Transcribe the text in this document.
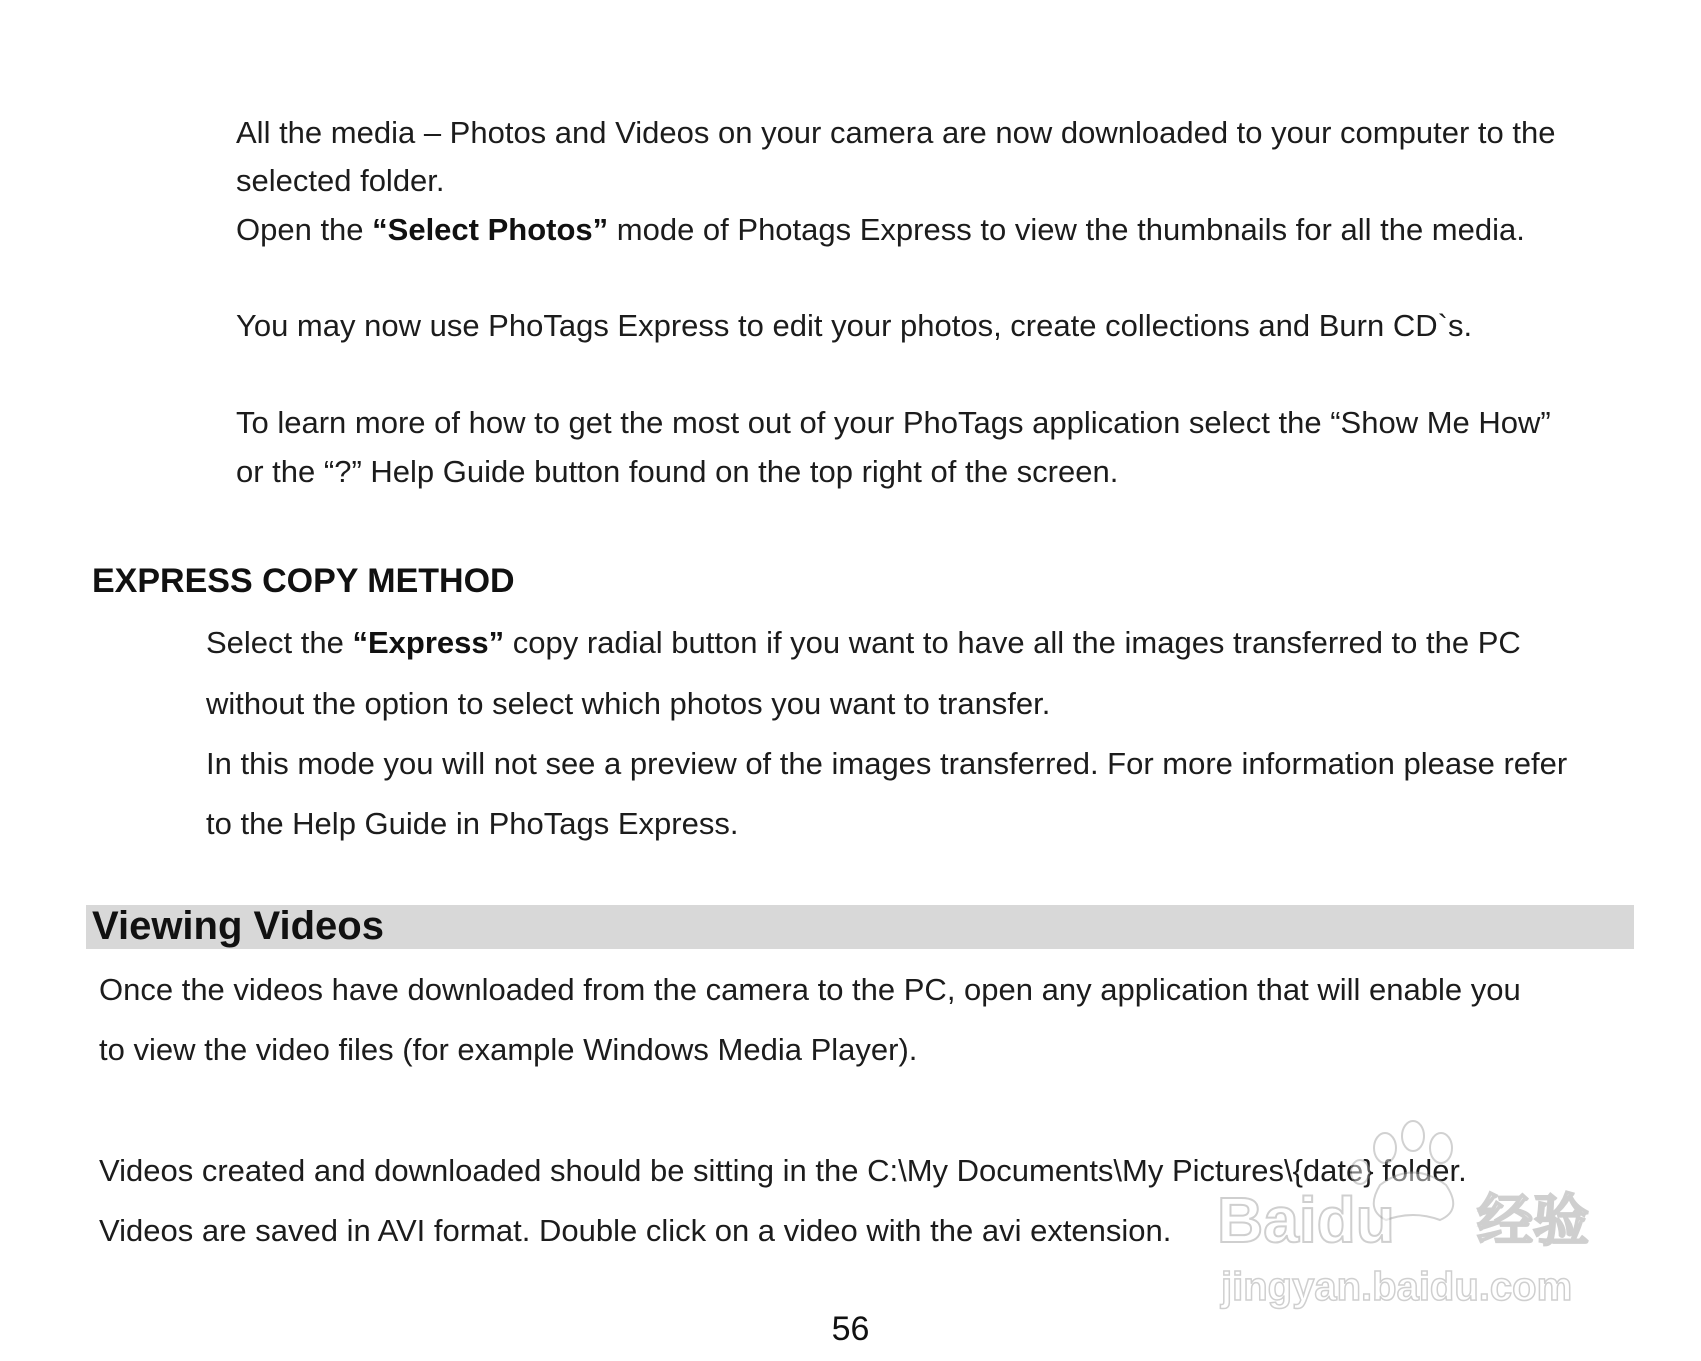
All the media – Photos and Videos on your camera are now downloaded to your computer to the
selected folder.
Open the “Select Photos” mode of Photags Express to view the thumbnails for all the media.
You may now use PhoTags Express to edit your photos, create collections and Burn CD`s.
To learn more of how to get the most out of your PhoTags application select the “Show Me How”
or the “?” Help Guide button found on the top right of the screen.
EXPRESS COPY METHOD
Select the “Express” copy radial button if you want to have all the images transferred to the PC
without the option to select which photos you want to transfer.
In this mode you will not see a preview of the images transferred. For more information please refer
to the Help Guide in PhoTags Express.
Viewing Videos
Once the videos have downloaded from the camera to the PC, open any application that will enable you
to view the video files (for example Windows Media Player).
Videos created and downloaded should be sitting in the C:\My Documents\My Pictures\{date} folder.
Videos are saved in AVI format. Double click on a video with the avi extension.
56
Baidu 经验
jingyan.baidu.com
